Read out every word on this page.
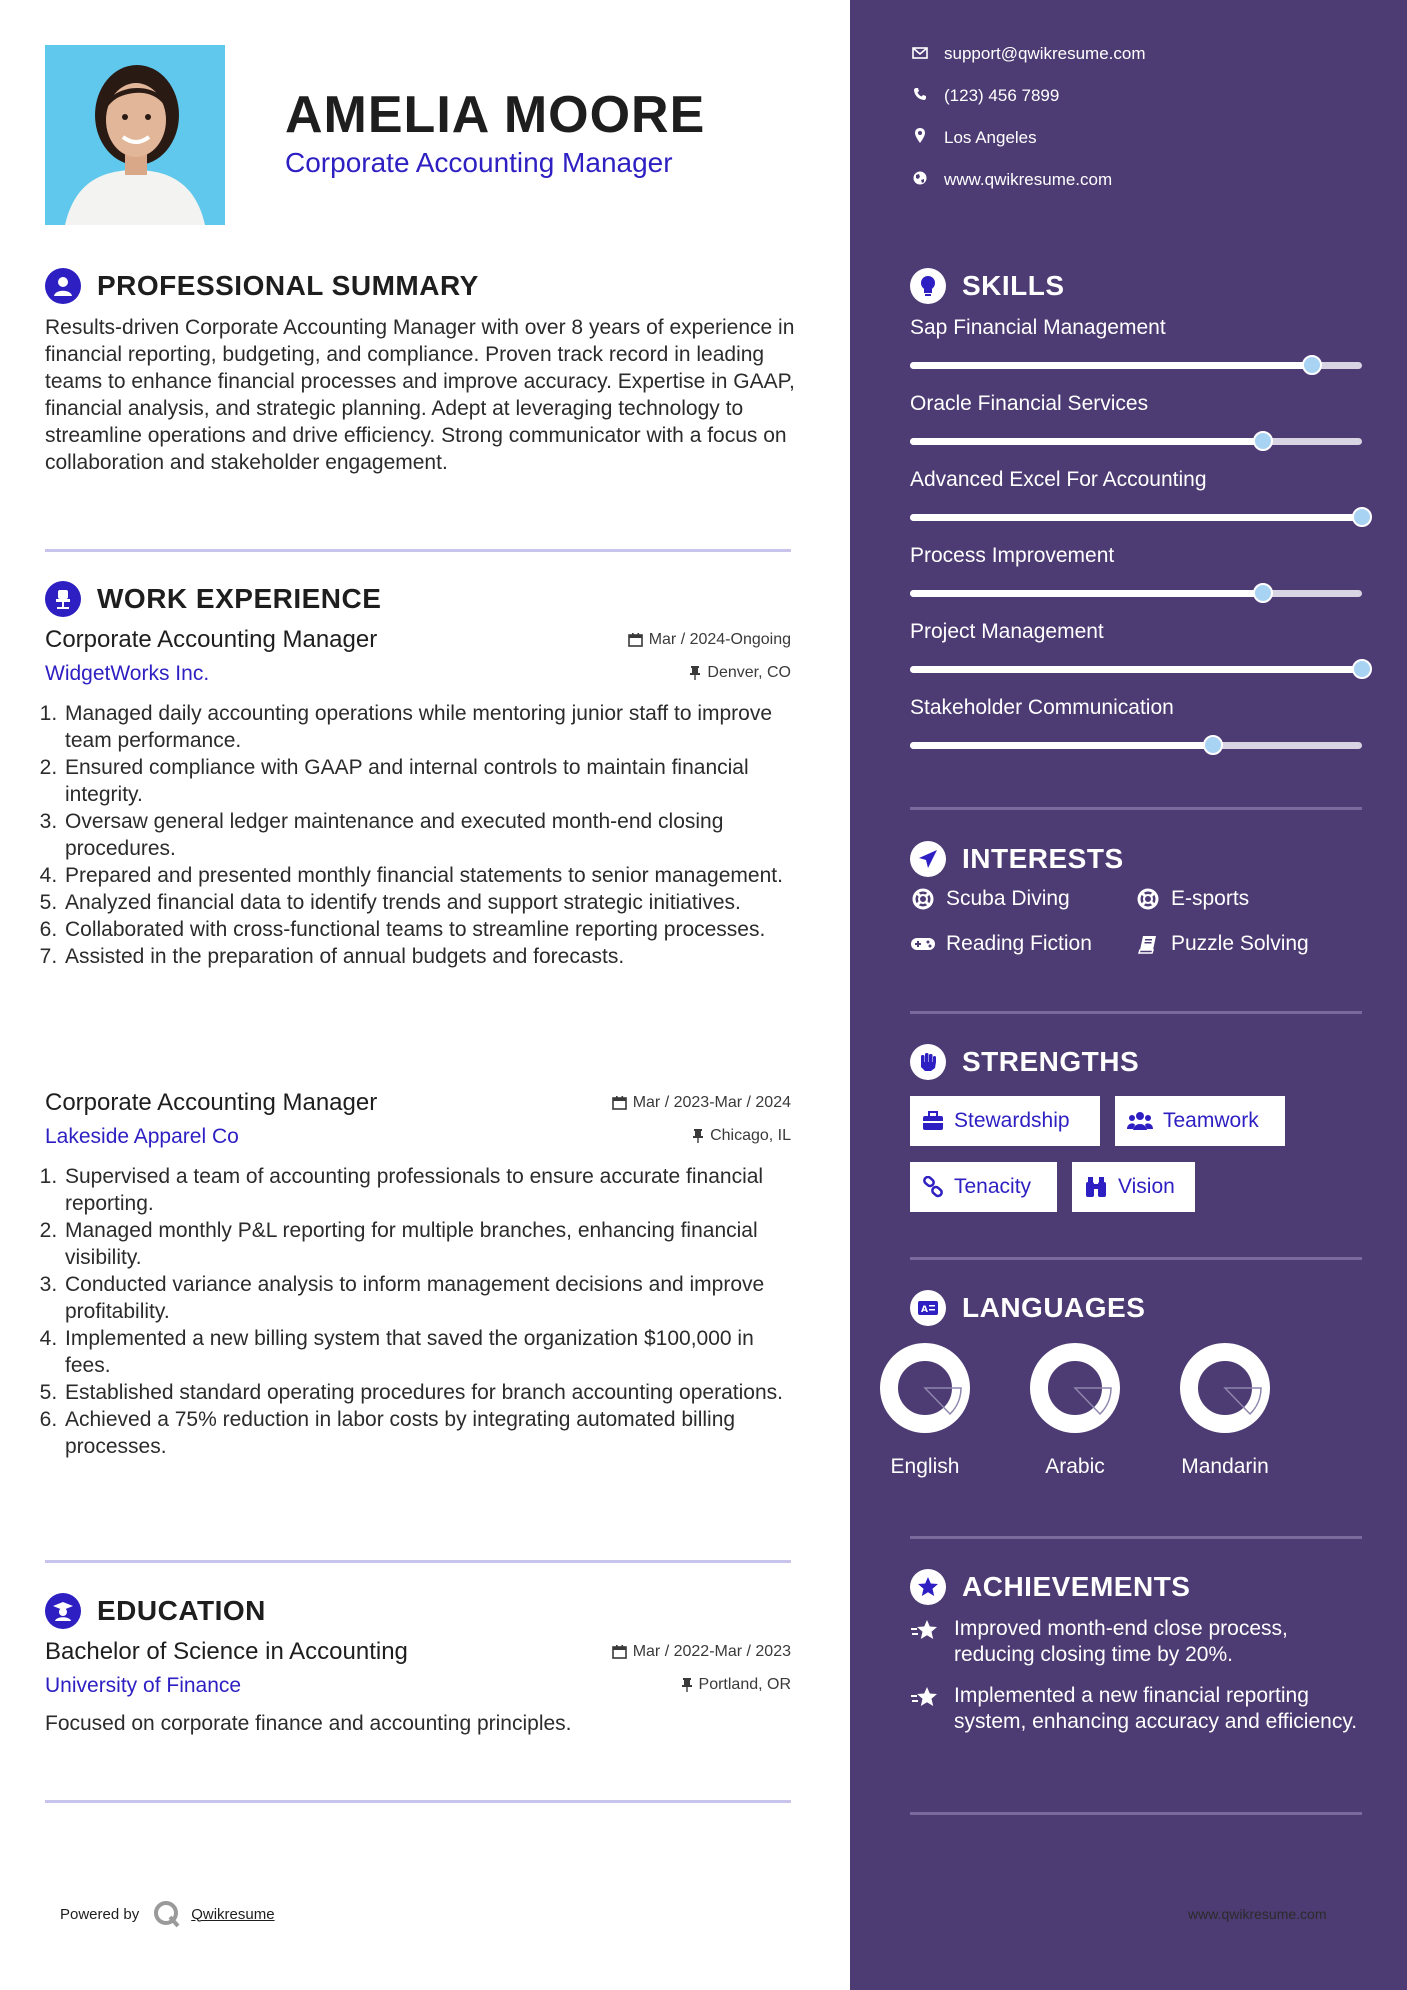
AMELIA MOORE
Corporate Accounting Manager
PROFESSIONAL SUMMARY

Results-driven Corporate Accounting Manager with over 8 years of experience in financial reporting, budgeting, and compliance. Proven track record in leading teams to enhance financial processes and improve accuracy. Expertise in GAAP, financial analysis, and strategic planning. Adept at leveraging technology to streamline operations and drive efficiency. Strong communicator with a focus on collaboration and stakeholder engagement.

WORK EXPERIENCE
Corporate Accounting Manager	Mar / 2024-Ongoing
WidgetWorks Inc.	Denver, CO
1. Managed daily accounting operations while mentoring junior staff to improve team performance.
2. Ensured compliance with GAAP and internal controls to maintain financial integrity.
3. Oversaw general ledger maintenance and executed month-end closing procedures.
4. Prepared and presented monthly financial statements to senior management.
5. Analyzed financial data to identify trends and support strategic initiatives.
6. Collaborated with cross-functional teams to streamline reporting processes.
7. Assisted in the preparation of annual budgets and forecasts.
Corporate Accounting Manager	Mar / 2023-Mar / 2024
Lakeside Apparel Co	Chicago, IL
1. Supervised a team of accounting professionals to ensure accurate financial reporting.
2. Managed monthly P&L reporting for multiple branches, enhancing financial visibility.
3. Conducted variance analysis to inform management decisions and improve profitability.
4. Implemented a new billing system that saved the organization $100,000 in fees.
5. Established standard operating procedures for branch accounting operations.
6. Achieved a 75% reduction in labor costs by integrating automated billing processes.
EDUCATION
Bachelor of Science in Accounting	Mar / 2022-Mar / 2023
University of Finance	Portland, OR
Focused on corporate finance and accounting principles.
Powered by	Qwikresume
support@qwikresume.com
(123) 456 7899
Los Angeles
www.qwikresume.com
SKILLS
Sap Financial Management
Oracle Financial Services
Advanced Excel For Accounting
Process Improvement
Project Management
Stakeholder Communication
INTERESTS
Scuba Diving	E-sports
Reading Fiction	Puzzle Solving
STRENGTHS
Stewardship	Teamwork
Tenacity	Vision
A LANGUAGES
English	Arabic	Mandarin
ACHIEVEMENTS
Improved month-end close process, reducing closing time by 20%.
Implemented a new financial reporting system, enhancing accuracy and efficiency.
www.qwikresume.com
